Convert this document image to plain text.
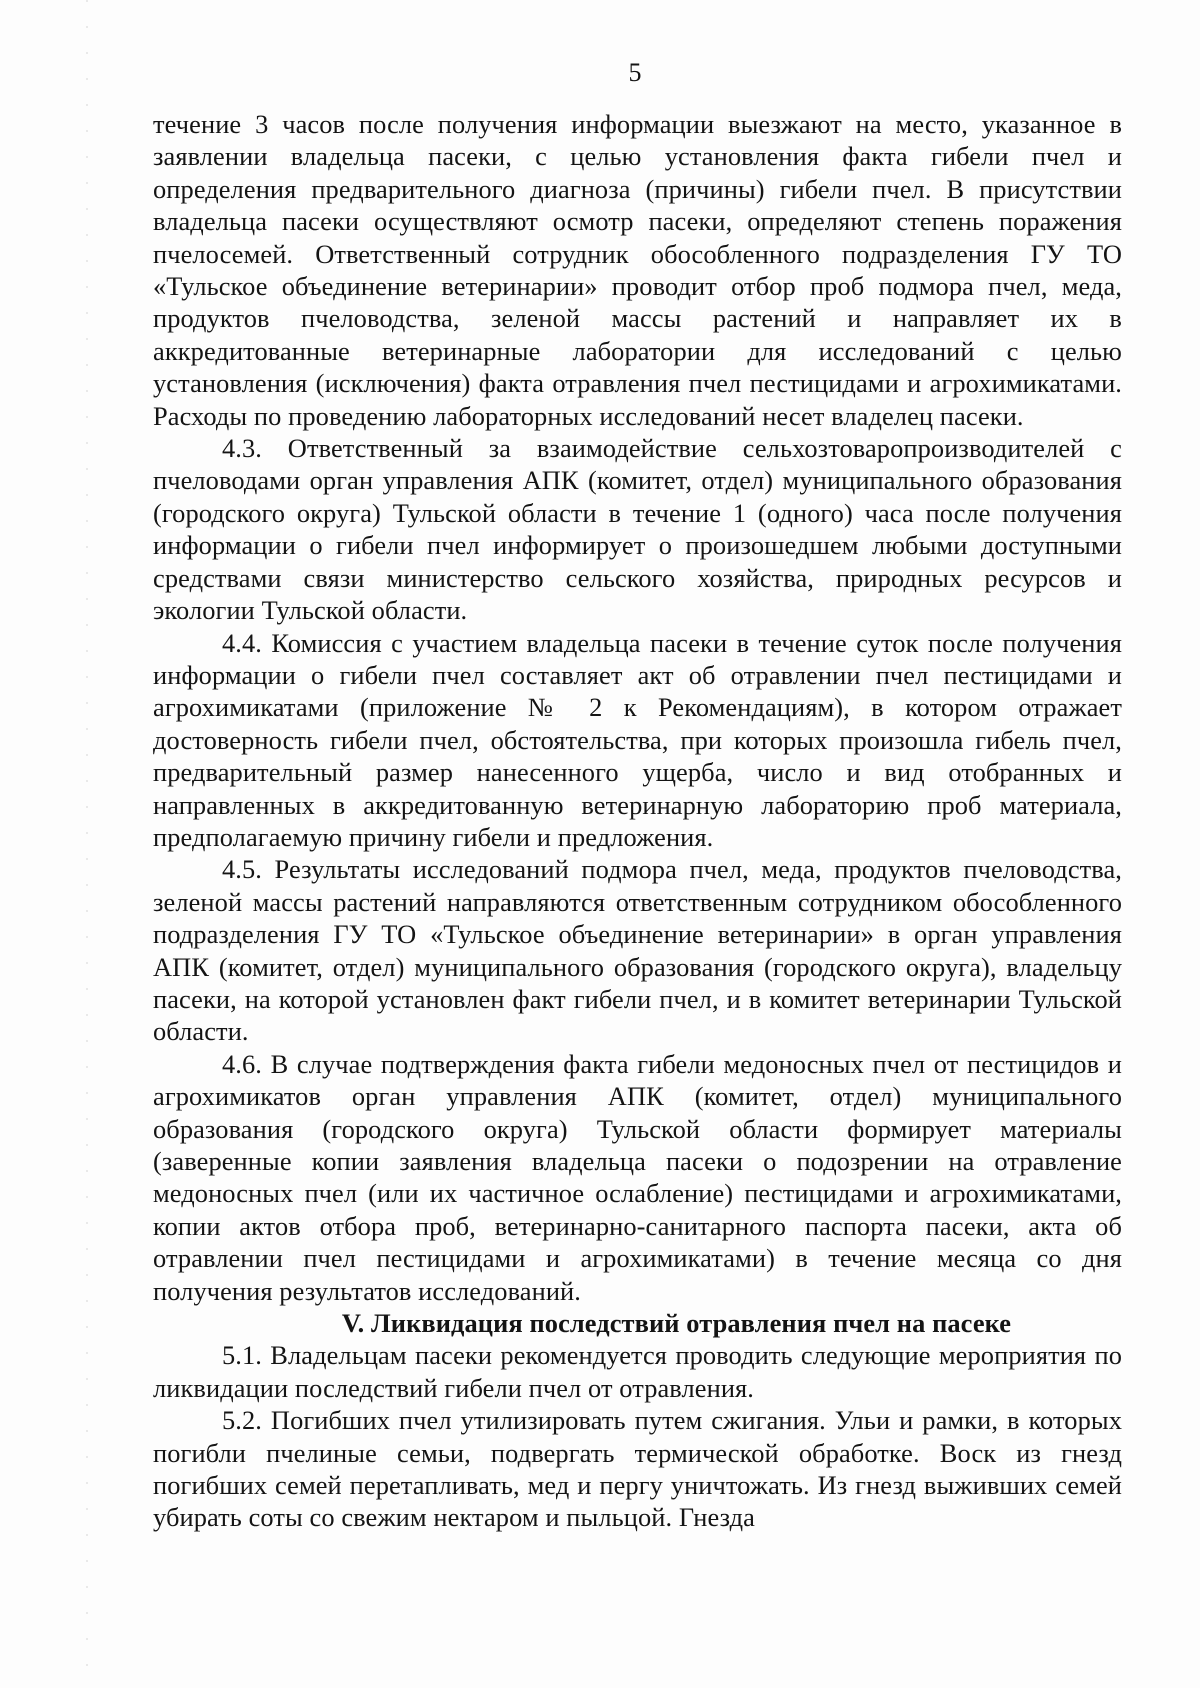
5

течение 3 часов после получения информации выезжают на место, указанное в заявлении владельца пасеки, с целью установления факта гибели пчел и определения предварительного диагноза (причины) гибели пчел. В присутствии владельца пасеки осуществляют осмотр пасеки, определяют степень поражения пчелосемей. Ответственный сотрудник обособленного подразделения ГУ ТО «Тульское объединение ветеринарии» проводит отбор проб подмора пчел, меда, продуктов пчеловодства, зеленой массы растений и направляет их в аккредитованные ветеринарные лаборатории для исследований с целью установления (исключения) факта отравления пчел пестицидами и агрохимикатами. Расходы по проведению лабораторных исследований несет владелец пасеки.

4.3. Ответственный за взаимодействие сельхозтоваропроизводителей с пчеловодами орган управления АПК (комитет, отдел) муниципального образования (городского округа) Тульской области в течение 1 (одного) часа после получения информации о гибели пчел информирует о произошедшем любыми доступными средствами связи министерство сельского хозяйства, природных ресурсов и экологии Тульской области.

4.4. Комиссия с участием владельца пасеки в течение суток после получения информации о гибели пчел составляет акт об отравлении пчел пестицидами и агрохимикатами (приложение № 2 к Рекомендациям), в котором отражает достоверность гибели пчел, обстоятельства, при которых произошла гибель пчел, предварительный размер нанесенного ущерба, число и вид отобранных и направленных в аккредитованную ветеринарную лабораторию проб материала, предполагаемую причину гибели и предложения.

4.5. Результаты исследований подмора пчел, меда, продуктов пчеловодства, зеленой массы растений направляются ответственным сотрудником обособленного подразделения ГУ ТО «Тульское объединение ветеринарии» в орган управления АПК (комитет, отдел) муниципального образования (городского округа), владельцу пасеки, на которой установлен факт гибели пчел, и в комитет ветеринарии Тульской области.

4.6. В случае подтверждения факта гибели медоносных пчел от пестицидов и агрохимикатов орган управления АПК (комитет, отдел) муниципального образования (городского округа) Тульской области формирует материалы (заверенные копии заявления владельца пасеки о подозрении на отравление медоносных пчел (или их частичное ослабление) пестицидами и агрохимикатами, копии актов отбора проб, ветеринарно-санитарного паспорта пасеки, акта об отравлении пчел пестицидами и агрохимикатами) в течение месяца со дня получения результатов исследований.

V. Ликвидация последствий отравления пчел на пасеке

5.1. Владельцам пасеки рекомендуется проводить следующие мероприятия по ликвидации последствий гибели пчел от отравления.

5.2. Погибших пчел утилизировать путем сжигания. Ульи и рамки, в которых погибли пчелиные семьи, подвергать термической обработке. Воск из гнезд погибших семей перетапливать, мед и пергу уничтожать. Из гнезд выживших семей убирать соты со свежим нектаром и пыльцой. Гнезда
